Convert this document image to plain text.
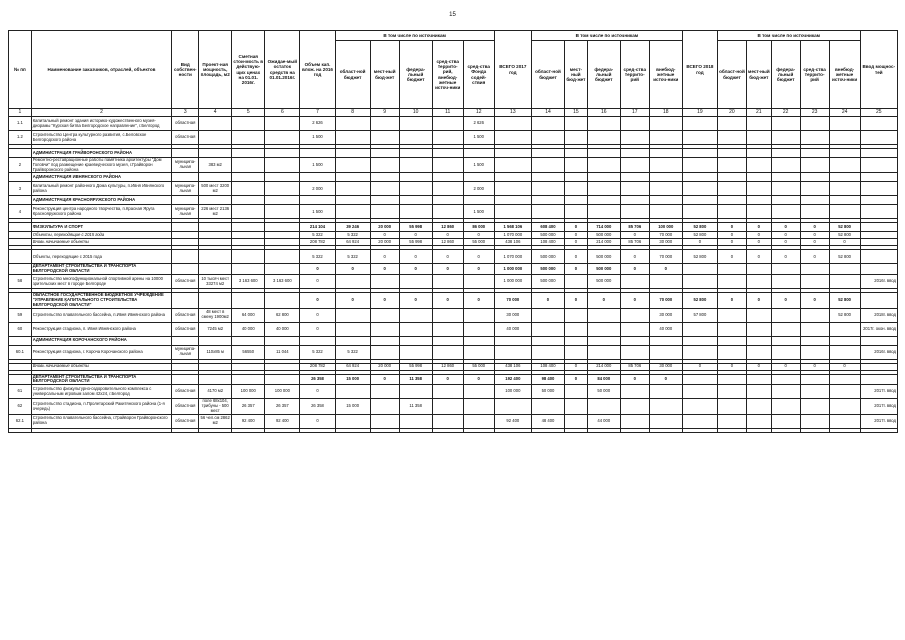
15
№ пп	Наименование заказчиков, отраслей, объектов	Вид собствен-ности	Проект-ная мощность, площадь, м2	Сметная стои-мость в действую-щих ценах на 01.01. 2016г.	Ожидае-мый остаток средств на 01.01.2016г.	Объем кап. влож. на 2016 год	В том числе по источникам					ВСЕГО 2017 год	В том числе по источникам					ВСЕГО 2018 год	В том числе по источникам					Ввод мощнос-тей
							област-ной бюджет	мест-ный бюд-жет	федера-льный бюджет	сред-ства террито-рий, внебюд-жетные источ-ники	сред-ства Фонда содей-ствия		област-ной бюджет	мест-ный бюд-жет	федера-льный бюджет	сред-ства террито-рий	внебюд-жетные источ-ники		област-ной бюджет	мест-ный бюд-жет	федера-льный бюджет	сред-ства террито-рий	внебюд-жетные источ-ники	
1	2	3	4	5	6	7	8	9	10	11	12	13	14	15	16	17	18	19	20	21	22	23	24	25
1.1	Капитальный ремонт здания историко-художественного музея-диорамы "Курская битва Белгородское направление", г.Белгород	областная				2 626					2 626													
1.2	Строительство Центра культурного развития, с.Беловское Белгородского района	областная				1 500					1 500													

	АДМИНИСТРАЦИЯ ГРАЙВОРОНСКОГО РАЙОНА																							
2	Ремонтно-реставрационные работы памятника архитектуры "Дом Головчи" под размещение краеведческого музея, г.Грайворон Грайворонского района	муниципа-льная	383 м2			1 500					1 500													
	АДМИНИСТРАЦИЯ ИВНЯНСКОГО РАЙОНА																							
3	Капитальный ремонт районного Дома культуры, п.Ивня Ивнянского района	муниципа-льная	500 мест 3200 м2			2 000					2 000													
	АДМИНИСТРАЦИЯ КРАСНОЯРУЖСКОГО РАЙОНА																							
4	Реконструкция центра народного творчества, п.Красная Яруга Краснояружского района	муниципа-льная	226 мест 2136 м2			1 500					1 500													

	ФИЗКУЛЬТУРА И СПОРТ					214 104	39 246	20 000	55 998	12 860	86 000	1 568 106	608 400	0	714 000	85 706	100 000	52 800	0	0	0	0	52 800	
	Объекты, переходящие с 2015 года					5 322	5 322	0	0	0	0	1 070 000	500 000	0	500 000	0	70 000	52 800	0	0	0	0	52 800	
	Вновь начинаемые объекты					208 782	64 924	20 000	55 998	12 860	55 000	438 106	108 400	0	214 000	85 706	30 000	0	0	0	0	0	0	

	Объекты, переходящие с 2015 года					5 322	5 322	0	0	0	0	1 070 000	500 000	0	500 000	0	70 000	52 800	0	0	0	0	52 800	
	ДЕПАРТАМЕНТ СТРОИТЕЛЬСТВА И ТРАНСПОРТА БЕЛГОРОДСКОЙ ОБЛАСТИ					0	0	0	0	0	0	1 000 000	500 000	0	500 000	0	0							
58	Строительство многофункциональной спортивной арены на 10000 зрительских мест в городе Белгороде	областная	10 тысяч мест 33274 м2	3 163 600	3 163 600	0						1 000 000	500 000		500 000									2016г. ввод

	ОБЛАСТНОЕ ГОСУДАРСТВЕННОЕ БЮДЖЕТНОЕ УЧРЕЖДЕНИЕ "УПРАВЛЕНИЕ КАПИТАЛЬНОГО СТРОИТЕЛЬСТВА БЕЛГОРОДСКОЙ ОБЛАСТИ"					0	0	0	0	0	0	70 000	0	0	0	0	70 000	52 800	0	0	0	0	52 800	
59	Строительство плавательного бассейна, п.Ивня Ивнянского района	областная	48 мест в смену 1900м2	64 000	62 800	0						30 000					30 000	57 800					52 800	2018г. ввод
60	Реконструкция стадиона, п. Ивня Ивнянского района	областная	7245 м2	40 000	40 000	0						40 000					40 000							2017г. окон. ввод
	АДМИНИСТРАЦИЯ КОРОЧАНСКОГО РАЙОНА																							
60.1	Реконструкция стадиона, г. Короча Корочанского района	муниципа-льная	110х85 м	56550	11 044	5 322	5 322																	2016г. ввод

	Вновь начинаемые объекты					208 782	64 924	20 000	55 998	12 860	55 000	438 106	108 400	0	214 000	85 706	30 000	0	0	0	0	0	0	

	ДЕПАРТАМЕНТ СТРОИТЕЛЬСТВА И ТРАНСПОРТА БЕЛГОРОДСКОЙ ОБЛАСТИ					26 358	15 000	0	11 358	0	0	192 400	98 400	0	84 000	0	0							
61	Строительство физкультурно-оздоровительного комплекса с универсальным игровым залом 42х24, г.Белгород	областная	4170 м2	100 000	100 000	0						100 000	50 000		50 000									2017г. ввод
62	Строительство стадиона, п.Пролетарский Ракитянского района (1-я очередь)	областная	поле 68х104, трибуны - 500 мест	26 357	26 357	26 358	15 000		11 358															2017г. ввод
62.1	Строительство плавательного бассейна, г.Грайворон Грайворонского района	областная	56 чел.см 2862 м2	92 400	92 400	0						92 400	48 400		44 000									2017г. ввод
